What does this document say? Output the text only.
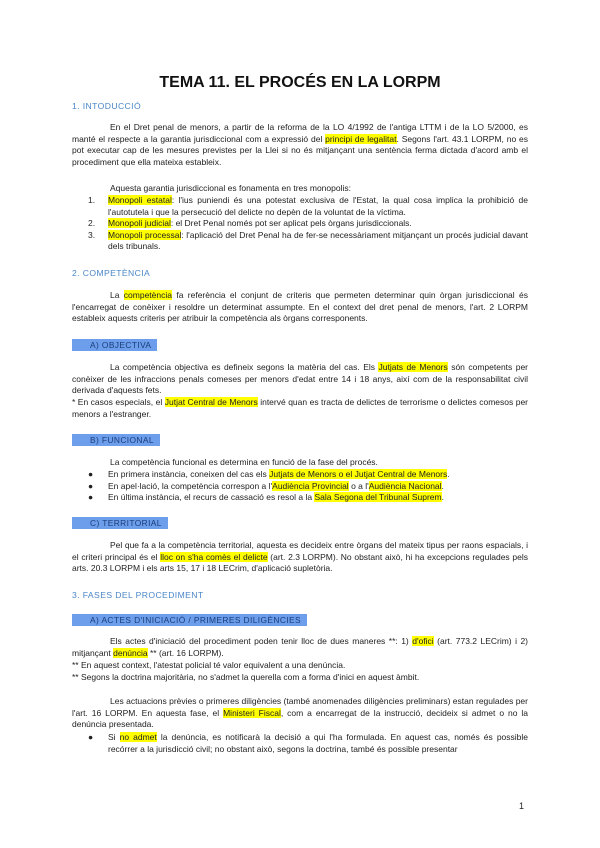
TEMA 11. EL PROCÉS EN LA LORPM
1. INTODUCCIÓ

En el Dret penal de menors, a partir de la reforma de la LO 4/1992 de l'antiga LTTM i de la LO 5/2000, es manté el respecte a la garantia jurisdiccional com a expressió del principi de legalitat. Segons l'art. 43.1 LORPM, no es pot executar cap de les mesures previstes per la Llei si no és mitjançant una sentència ferma dictada d'acord amb el procediment que ella mateixa estableix.

Aquesta garantia jurisdiccional es fonamenta en tres monopolis:

1. Monopoli estatal: l'ius puniendi és una potestat exclusiva de l'Estat, la qual cosa implica la prohibició de l'autotutela i que la persecució del delicte no depèn de la voluntat de la víctima.
2. Monopoli judicial: el Dret Penal només pot ser aplicat pels òrgans jurisdiccionals.
3. Monopoli processal: l'aplicació del Dret Penal ha de fer-se necessàriament mitjançant un procés judicial davant dels tribunals.
2. COMPETÈNCIA

La competència fa referència el conjunt de criteris que permeten determinar quin òrgan jurisdiccional és l'encarregat de conèixer i resoldre un determinat assumpte. En el context del dret penal de menors, l'art. 2 LORPM estableix aquests criteris per atribuir la competència als òrgans corresponents.

A) OBJECTIVA

La competència objectiva es defineix segons la matèria del cas. Els Jutjats de Menors són competents per conèixer de les infraccions penals comeses per menors d'edat entre 14 i 18 anys, així com de la responsabilitat civil derivada d'aquests fets.

* En casos especials, el Jutjat Central de Menors intervé quan es tracta de delictes de terrorisme o delictes comesos per menors a l'estranger.

B) FUNCIONAL

La competència funcional es determina en funció de la fase del procés.

● En primera instància, coneixen del cas els Jutjats de Menors o el Jutjat Central de Menors.
● En apel·lació, la competència correspon a l'Audiència Provincial o a l'Audiència Nacional.
● En última instància, el recurs de cassació es resol a la Sala Segona del Tribunal Suprem.
C) TERRITORIAL

Pel que fa a la competència territorial, aquesta es decideix entre òrgans del mateix tipus per raons espacials, i el criteri principal és el lloc on s'ha comès el delicte (art. 2.3 LORPM). No obstant això, hi ha excepcions regulades pels arts. 20.3 LORPM i els arts 15, 17 i 18 LECrim, d'aplicació supletòria.

3. FASES DEL PROCEDIMENT
A) ACTES D'INICIACIÓ / PRIMERES DILIGÈNCIES

Els actes d'iniciació del procediment poden tenir lloc de dues maneres **: 1) d'ofici (art. 773.2 LECrim) i 2) mitjançant denúncia ** (art. 16 LORPM).

** En aquest context, l'atestat policial té valor equivalent a una denúncia.

** Segons la doctrina majoritària, no s'admet la querella com a forma d'inici en aquest àmbit.

Les actuacions prèvies o primeres diligències (també anomenades diligències preliminars) estan regulades per l'art. 16 LORPM. En aquesta fase, el Ministeri Fiscal, com a encarregat de la instrucció, decideix si admet o no la denúncia presentada.

● Si no admet la denúncia, es notificarà la decisió a qui l'ha formulada. En aquest cas, només és possible recórrer a la jurisdicció civil; no obstant això, segons la doctrina, també és possible presentar
1
